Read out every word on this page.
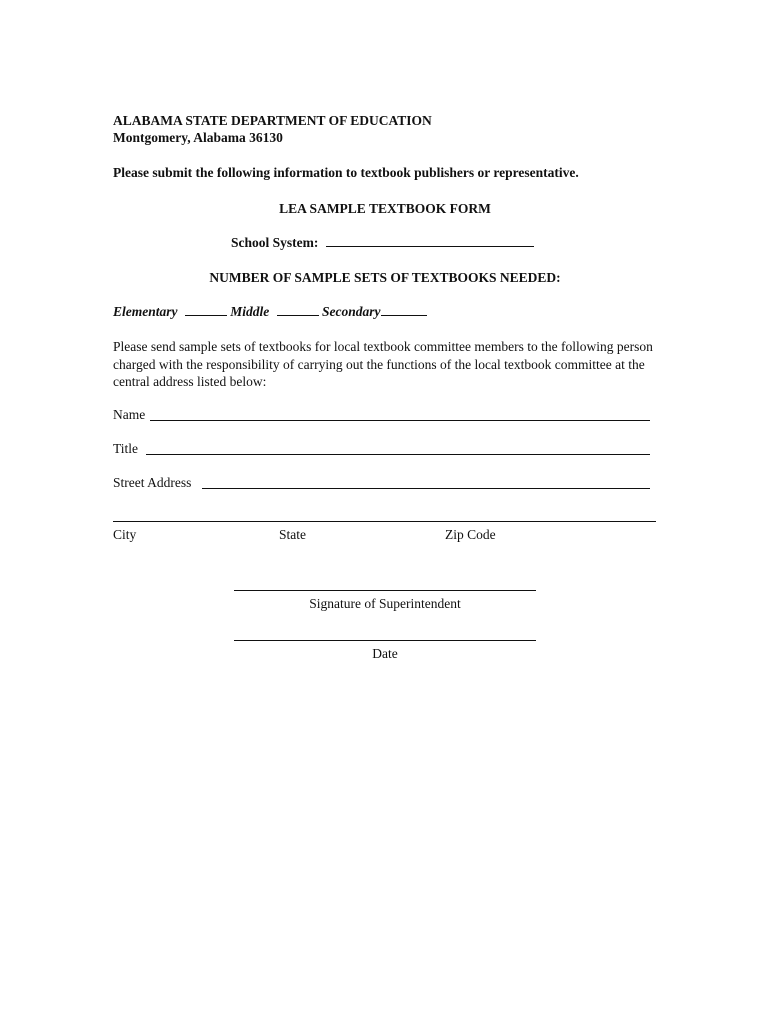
ALABAMA STATE DEPARTMENT OF EDUCATION
Montgomery, Alabama 36130
Please submit the following information to textbook publishers or representative.
LEA SAMPLE TEXTBOOK FORM
School System:
NUMBER OF SAMPLE SETS OF TEXTBOOKS NEEDED:
Elementary	Middle	Secondary
Please send sample sets of textbooks for local textbook committee members to the following person charged with the responsibility of carrying out the functions of the local textbook committee at the central address listed below:
Name
Title
Street Address
City	State	Zip Code
Signature of Superintendent
Date
